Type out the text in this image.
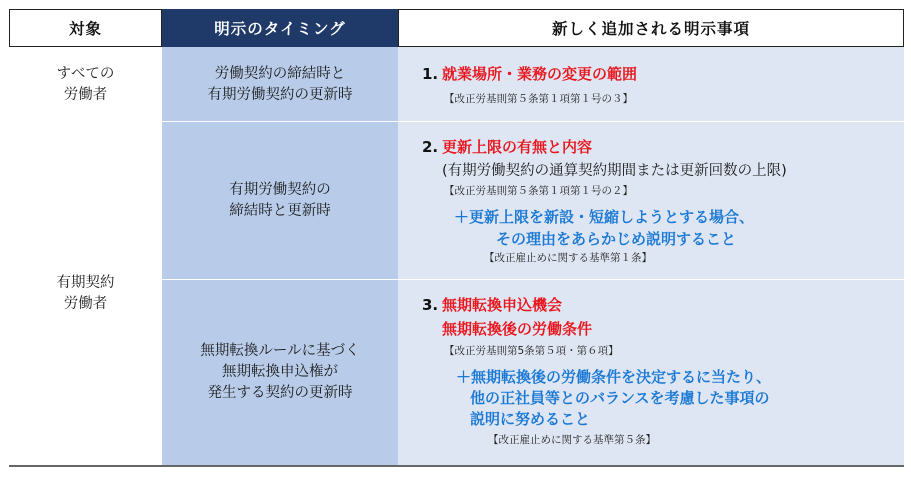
対象	明示のタイミング	新しく追加される明示事項
すべての
労働者
労働契約の締結時と
有期労働契約の更新時
1. 就業場所・業務の変更の範囲
【改正労基則第５条第１項第１号の３】
有期契約
労働者
有期労働契約の
締結時と更新時
2. 更新上限の有無と内容
(有期労働契約の通算契約期間または更新回数の上限)
【改正労基則第５条第１項第１号の２】
＋更新上限を新設・短縮しようとする場合、
その理由をあらかじめ説明すること
【改正雇止めに関する基準第１条】
無期転換ルールに基づく
無期転換申込権が
発生する契約の更新時
3. 無期転換申込機会
無期転換後の労働条件
【改正労基則第5条第５項・第６項】
＋無期転換後の労働条件を決定するに当たり、
他の正社員等とのバランスを考慮した事項の
説明に努めること
【改正雇止めに関する基準第５条】
